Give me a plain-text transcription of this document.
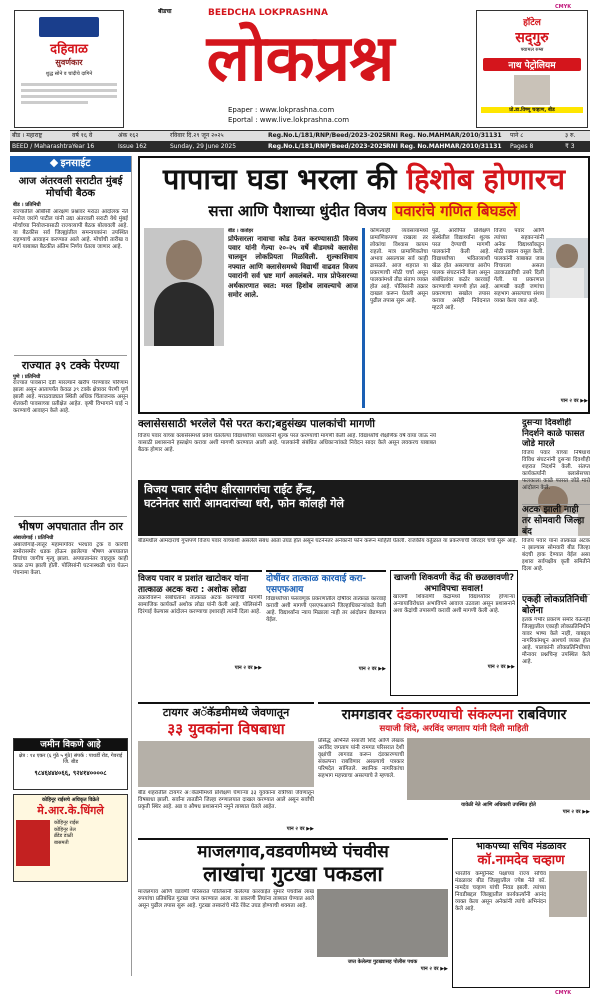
CMYK
CMYK
दहिवाळ
सुवर्णकार
शुद्ध सोने व चांदीचे दागिने
बीडचा	BEEDCHA LOKPRASHNA
लोकप्रश्न
Epaper : www.lokprashna.com
Eportal : www.live.lokprashna.com
हॉटेल
सद्‌गुरु
फ्यामल रुम्स
नाथ पेट्रोलियम
प्रो.डा.विष्णू चव्हाण, बीड
बीड । महाराष्ट्र	वर्ष १६ वे	अंक १६२	रविवार दि.२९ जून २०२५	Reg.No.L/181/RNP/Beed/2023-2025 RNI Reg. No.MAHMAR/2010/31131 पाने ८	३ रु.
BEED / Maharashtra Year 16	Issue 162	Sunday, 29 June 2025	Reg.No.L/181/RNP/Beed/2023-2025 RNI Reg. No.MAHMAR/2010/31131 Pages 8	₹ 3
इनसाईट
आज अंतरवली सराटीत मुंबई मोर्चाची बैठक
बीड । प्रतिनिधी
राज्यातील ओबीसी आरक्षण प्रश्नावर मराठा आंदोलक नेते मनोज जरांगे पाटील यांनी उद्या अंतरवली सराटी येथे मुंबई मोर्चाच्या नियोजनासाठी राज्यव्यापी बैठक बोलावली आहे. या बैठकीस सर्व जिल्ह्यांतील समन्वयकांना उपस्थित राहण्याचे आवाहन करण्यात आले आहे. मोर्चाची तारीख व मार्ग याबाबत बैठकीत अंतिम निर्णय घेतला जाणार आहे.
राज्यात ३९ टक्के पेरण्या
पुणे । प्रतिनिधी
राज्यात पावसाने दडी मारल्याने खरीप पेरण्यांवर परिणाम झाला असून आतापर्यंत केवळ ३९ टक्के क्षेत्रावर पेरणी पूर्ण झाली आहे. मराठवाड्यात स्थिती अधिक चिंताजनक असून शेतकरी पावसाच्या प्रतीक्षेत आहेत. कृषी विभागाने घाई न करण्याचे आवाहन केले आहे.
भीषण अपघातात तीन ठार
अंबाजोगाई । प्रतिनिधी
अंबाजोगाई-लातूर महामार्गावर भरधाव ट्रक व कारची समोरासमोर धडक होऊन झालेल्या भीषण अपघातात तिघांचा जागीच मृत्यू झाला. अपघातानंतर वाहतूक काही काळ ठप्प झाली होती. पोलिसांनी घटनास्थळी धाव घेऊन पंचनामा केला.
जमीन विकणे आहे
क्षेत्र : १४ एकर (६ गुंठे ५ गुंठे) संपर्क : पाथर्डी रोड, गेवराई जि. बीड
९८४६४४४०६६, ९२४१४००००८
कोहिनूर राईसचे अधिकृत विक्रेते
मे.आर.के.धिंगले
कोहिनूर राईस
कोहिनूर तेल
ब्रँडेड डाळी
बासमती
पापाचा घडा भरला की हिशोब होणारच
सत्ता आणि पैशाच्या धुंदीत विजय पवारांचे गणित बिघडले
बीड । वार्ताहर
प्रोफेसरला नावाचा कोड ठेवत करण्यासाठी विजय पवार यांनी गेल्या २०-२५ वर्षे बीडमध्ये क्लासेस चालवून लोकप्रियता मिळविली. शुल्काशिवाय नफ्यात आणि क्लासेसमध्ये विद्यार्थी वाढवत विजय पवारांनी सर्व भ्रष्ट मार्ग अवलंबले. मात्र प्रोफेसरच्या अर्थकारणात स्वत: मस्त हिशोब लावल्याचे आज समोर आले.
कोणत्याही व्यवसायामध्ये प्रामाणिकपणा राखला तर लोकांचा विश्वास कायम राहतो. मात्र प्रामाणिकतेचा अभाव असल्यास सर्व काही ढासळते. आज शहरात या प्रकरणाची मोठी चर्चा असून पालकांमध्ये तीव्र संताप व्यक्त होत आहे. पोलिसांनी तक्रार दाखल करून घेतली असून पुढील तपास सुरू आहे.
पुढे, आरोपित प्रशिक्षण संस्थेतील विद्यार्थ्यांना शुल्क परत देण्याची मागणी पालकांनी केली आहे. विद्यार्थ्यांच्या भवितव्याशी खेळ होत असल्याचा आरोप पालक संघटनांनी केला असून संबंधितांवर कठोर कारवाई करण्याची मागणी होत आहे. प्रकरणाचा सखोल तपास करावा असेही निवेदनात म्हटले आहे.
विजय पवार आणि त्यांच्या सहकाऱ्यांनी अनेक विद्यार्थ्यांकडून मोठी रक्कम वसूल केली. पालकांनी याबाबत जाब विचारला असता उडवाउडवीची उत्तरे दिली गेली. या प्रकरणात आणखी काही जणांचा सहभाग असल्याचा संशय व्यक्त केला जात आहे.
पान २ वर ▶▶
क्लासेससाठी भरलेले पैसे परत करा;बहुसंख्य पालकांची मागणी
विजय पवार यांच्या क्लासेसमध्ये प्रवेश घेतलेल्या विद्यार्थ्यांच्या पालकांनी शुल्क परत करण्याची मागणी केली आहे. विद्यार्थ्यांचे शैक्षणिक वर्ष वाया जाऊ नये यासाठी प्रशासनाने हस्तक्षेप करावा अशी मागणी करण्यात आली आहे. पालकांनी संबंधित अधिकाऱ्यांकडे निवेदन सादर केले असून लवकरच याबाबत बैठक होणार आहे.
विजय पवार संदीप क्षीरसागरांचा राईट हँन्ड,
घटनेनंतर सारी आमदारांच्या धरी, फोन कॉलही गेले
बीडमधील आमदारांचे गुप्तपणे विजय पवार यांच्याशी असलेले संबंध आता उघड होत असून घटनेनंतर अनेकांनी फोन करून माहिती घेतली. राजकीय वर्तुळात या प्रकरणाची जोरदार चर्चा सुरू आहे.
विजय पवार व प्रशांत खाटोकर यांना तात्काळ अटक करा : अशोक लोढा
तक्रारीवरून संबंधितांना तात्काळ अटक करण्याची मागणी सामाजिक कार्यकर्ते अशोक लोढा यांनी केली आहे. पोलिसांनी दिरंगाई केल्यास आंदोलन करण्याचा इशाराही त्यांनी दिला आहे.
पान २ वर ▶▶
दोषींवर तात्काळ कारवाई करा-एसएफआय
विद्यार्थ्यांच्या फसवणूक प्रकरणातील दोषींवर तात्काळ कारवाई करावी अशी मागणी एसएफआयने जिल्हाधिकाऱ्यांकडे केली आहे. विद्यार्थ्यांना न्याय मिळाला नाही तर आंदोलन छेडण्यात येईल.
पान २ वर ▶▶
खाजगी शिकवणी केंद्र की छळछावणी? अभाविपचा सवाल!
खाजगी शिकवणी केंद्रांमध्ये विद्यार्थ्यांवर होणाऱ्या अन्यायाविरोधात अभाविपने आवाज उठवला असून प्रशासनाने अशा केंद्रांची तपासणी करावी अशी मागणी केली आहे.
पान २ वर ▶▶
दुसऱ्या दिवशीही निदर्शने काळे फासत जोडे मारले
विजय पवार यांच्या निषेधार्थ विविध संघटनांनी दुसऱ्या दिवशीही शहरात निदर्शने केली. संतप्त कार्यकर्त्यांनी क्लासेसच्या फलकाला काळे फासत जोडे मारो आंदोलन केले.
अटक झाली नाही तर सोमवारी जिल्हा बंद
विजय पवार यांना तात्काळ अटक न झाल्यास सोमवारी बीड जिल्हा बंदची हाक देण्यात येईल असा इशारा सर्वपक्षीय कृती समितीने दिला आहे.
एकही लोकप्रतिनिधी बोलेना
इतके गंभीर प्रकरण समोर येऊनही जिल्ह्यातील एकाही लोकप्रतिनिधीने यावर भाष्य केले नाही, याबद्दल नागरिकांमधून आश्चर्य व्यक्त होत आहे. पालकांनी लोकप्रतिनिधींच्या मौनावर प्रश्नचिन्ह उपस्थित केले आहे.
टायगर अॅकॅडमीमध्ये जेवणातून
३३ युवकांना विषबाधा
बीड शहरातील टायगर अॅकॅडमीमध्ये प्रशिक्षण घेणाऱ्या ३३ युवकांना रात्रीच्या जेवणातून विषबाधा झाली. सर्वांना तातडीने जिल्हा रुग्णालयात दाखल करण्यात आले असून सर्वांची प्रकृती स्थिर आहे. अन्न व औषध प्रशासनाने नमुने ताब्यात घेतले आहेत.
पान २ वर ▶▶
रामगडावर दंडकारण्याची संकल्पना राबविणार
सयाजी शिंदे, अरविंद जगताप यांनी दिली माहिती
प्रसिद्ध अभिनेते सयाजी शिंदे आणि लेखक अरविंद जगताप यांनी रामगड परिसरात देशी वृक्षांची लागवड करून दंडकारण्याची संकल्पना राबविणार असल्याचे पत्रकार परिषदेत सांगितले. स्थानिक नागरिकांचा सहभाग महत्त्वाचा असल्याचे ते म्हणाले.
यावेळी नेते आणि अधिकारी उपस्थित होते
पान २ वर ▶▶
माजलगाव,वडवणीमध्ये पंचवीस
लाखांचा गुटखा पकडला
माजलगाव आणि वडवणी परिसरात पोलिसांनी केलेल्या कारवाईत सुमारे पंचवीस लाख रुपयांचा प्रतिबंधित गुटखा जप्त करण्यात आला. या प्रकरणी तिघांना ताब्यात घेण्यात आले असून पुढील तपास सुरू आहे. गुटखा तस्करांचे मोठे रॅकेट उघड होण्याची शक्यता आहे.
जप्त केलेल्या गुटख्यासह पोलीस पथक
पान २ वर ▶▶
भाकपच्या सचिव मंडळावर
कॉ.नामदेव चव्हाण
भारतीय कम्युनिस्ट पक्षाच्या राज्य सचिव मंडळावर बीड जिल्ह्यातील ज्येष्ठ नेते कॉ. नामदेव चव्हाण यांची निवड झाली. त्यांच्या निवडीबद्दल जिल्ह्यातील कार्यकर्त्यांनी आनंद व्यक्त केला असून अनेकांनी त्यांचे अभिनंदन केले आहे.
